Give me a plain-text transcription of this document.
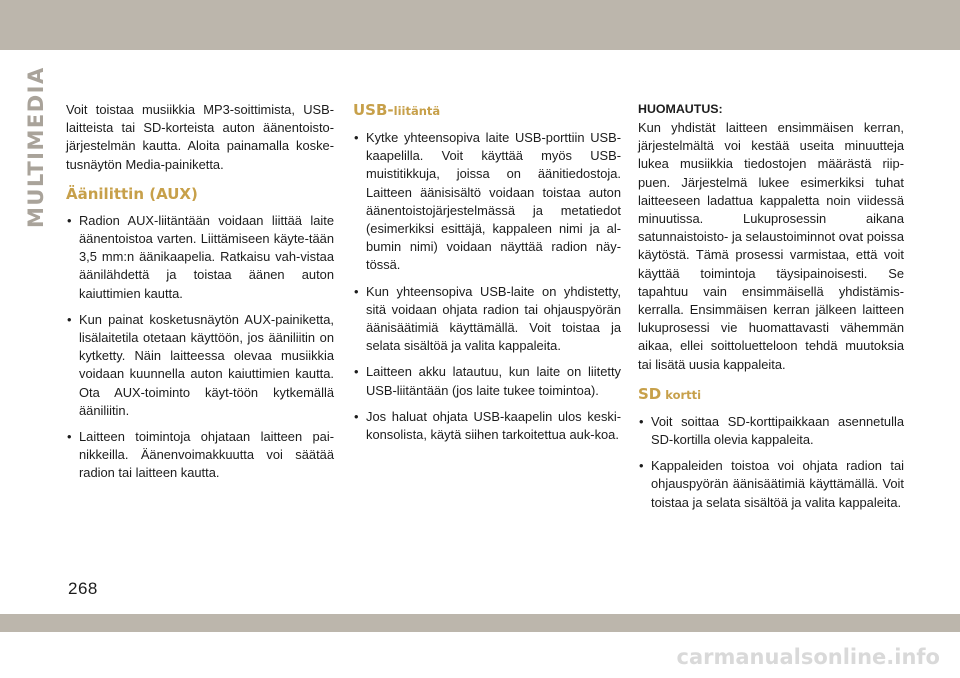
MULTIMEDIA Voit toistaa musiikkia MP3-soittimista, USB-laitteista tai SD-korteista auton äänentoisto-järjestelmän kautta. Aloita painamalla koske-tusnäytön Media-painiketta.

Äänilittin (AUX)
• Radion AUX-liitäntään voidaan liittää laite äänentoistoa varten. Liittämiseen käyte-tään 3,5 mm:n äänikaapelia. Ratkaisu vah-vistaa äänilähdettä ja toistaa äänen auton kaiuttimien kautta.
• Kun painat kosketusnäytön AUX-painiketta, lisälaitetila otetaan käyttöön, jos ääniliitin on kytketty. Näin laitteessa olevaa musiikkia voidaan kuunnella auton kaiuttimien kautta. Ota AUX-toiminto käyt-töön kytkemällä ääniliitin.
• Laitteen toimintoja ohjataan laitteen pai-nikkeilla. Äänenvoimakkuutta voi säätää radion tai laitteen kautta.
USB-liitäntä
• Kytke yhteensopiva laite USB-porttiin USB-kaapelilla. Voit käyttää myös USB-muistitikkuja, joissa on äänitiedostoja. Laitteen äänisisältö voidaan toistaa auton äänentoistojärjestelmässä ja metatiedot (esimerkiksi esittäjä, kappaleen nimi ja al-bumin nimi) voidaan näyttää radion näy-tössä.
• Kun yhteensopiva USB-laite on yhdistetty, sitä voidaan ohjata radion tai ohjauspyörän äänisäätimiä käyttämällä. Voit toistaa ja selata sisältöä ja valita kappaleita.
• Laitteen akku latautuu, kun laite on liitetty USB-liitäntään (jos laite tukee toimintoa).
• Jos haluat ohjata USB-kaapelin ulos keski-konsolista, käytä siihen tarkoitettua auk-koa.
HUOMAUTUS:

Kun yhdistät laitteen ensimmäisen kerran, järjestelmältä voi kestää useita minuutteja lukea musiikkia tiedostojen määrästä riip-puen. Järjestelmä lukee esimerkiksi tuhat laitteeseen ladattua kappaletta noin viidessä minuutissa. Lukuprosessin aikana satunnaistoisto- ja selaustoiminnot ovat poissa käytöstä. Tämä prosessi varmistaa, että voit käyttää toimintoja täysipainoisesti. Se tapahtuu vain ensimmäisellä yhdistämis-kerralla. Ensimmäisen kerran jälkeen laitteen lukuprosessi vie huomattavasti vähemmän aikaa, ellei soittoluetteloon tehdä muutoksia tai lisätä uusia kappaleita.

SD kortti
• Voit soittaa SD-korttipaikkaan asennetulla SD-kortilla olevia kappaleita.
• Kappaleiden toistoa voi ohjata radion tai ohjauspyörän äänisäätimiä käyttämällä. Voit toistaa ja selata sisältöä ja valita kappaleita.
268
carmanualsonline.info
